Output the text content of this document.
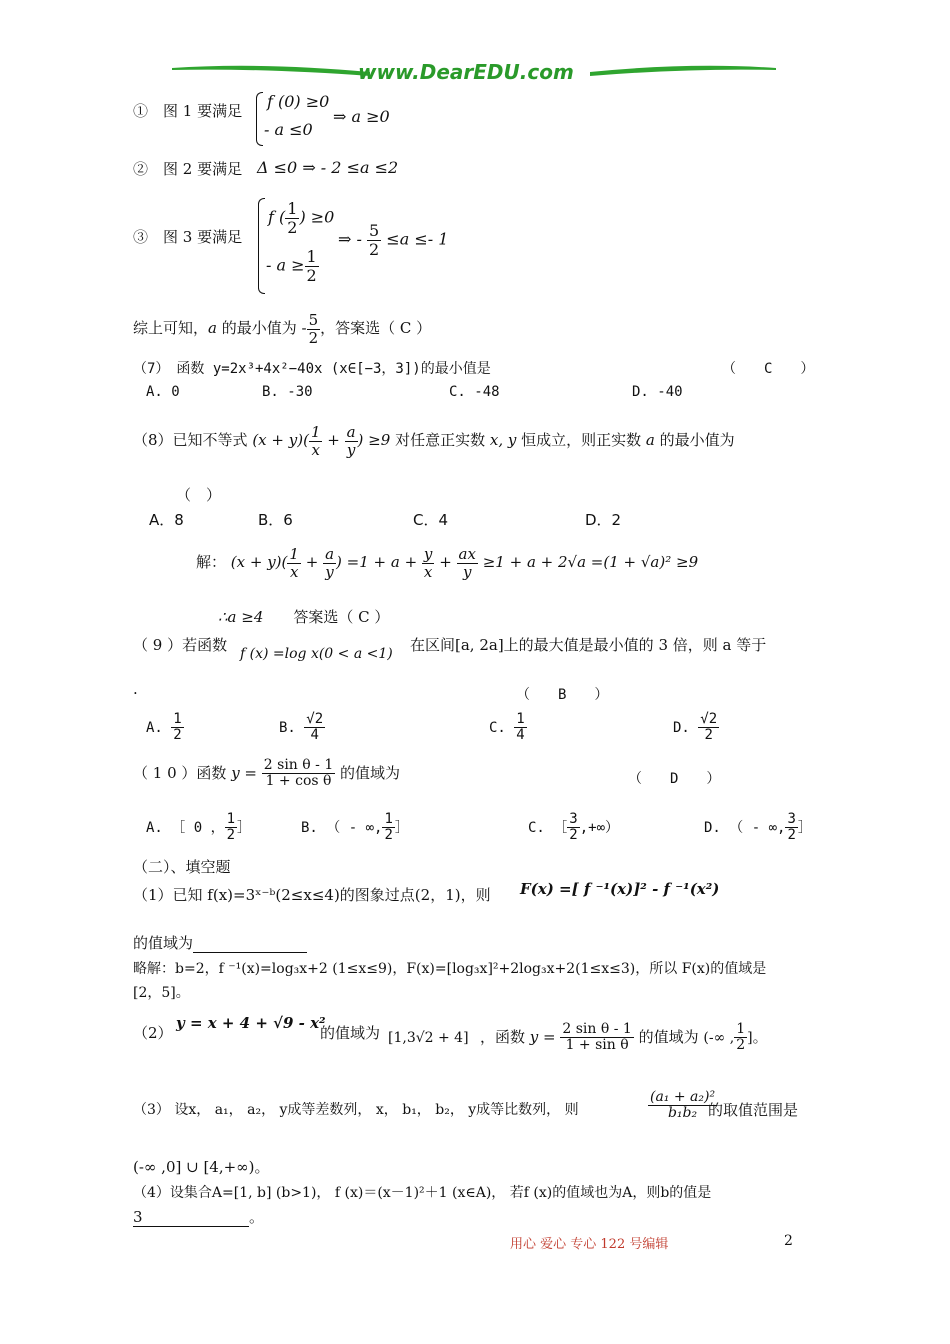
www.DearEDU.com
①　图 1 要满足 f (0) ≥0
- a ≤0
⇒ a ≥0
②　图 2 要满足 Δ ≤0 ⇒ - 2 ≤a ≤2
③　图 3 要满足
f ( $\frac{1}{2}$ ) ≥0
- $a \ge \frac{1}{2}$
⇒ - $\frac{5}{2} \le a \le- 1$
综上可知，a 的最小值为 - $\frac{5}{2}$ ，答案选（ C ）
（7）　函数 y=2x³+4x²−40x (x∈[−3，3])的最小值是	（　　C　　）
A. 0	B. -30	C. -48	D. -40
（8）已知不等式 $(x + y)( \frac{1}{x} + \frac{a}{y}$ ) ≥9 对任意正实数 x, y 恒成立，则正实数 a 的最小值为
（　）
A．8	B．6	C．4	D．2
解： $(x + y)( \frac{1}{x} + \frac{a}{y}$ ) $=1 + a + \frac{y}{x} + \frac{ax}{y} \ge 1 + a + 2√a =(1 + √a)^2 \ge 9$
∴a ≥4　　 答案选（ C ）
（ 9 ）若函数 f (x) =log x(0 < a <1) 在区间[a, 2a]上的最大值是最小值的 3 倍，则 a 等于
.	（　　B　　）
A. $\frac{1}{2}$	B. $\frac{√2}{4}$	C. $\frac{1}{4}$	D. $\frac{√2}{2}$
（ 1 0 ）函数 $y = \frac{\text{2 sin θ - 1}}{\text{1 + cos θ}}$ 的值域为	（　　D　　）
A. ［ 0 ， $\frac{1}{2}$ ］	B. （ - ∞, $\frac{1}{2}$ ］	C. ［ $\frac{3}{2}$ ,+∞）	D. （ - ∞, $\frac{3}{2}$ ］
（二）、填空题
（1）已知 f(x)=3ˣ⁻ᵇ(2≤x≤4)的图象过点(2，1)，则 F(x) =[ f ⁻¹(x)]² - f ⁻¹(x²)
的值域为
略解：b=2，f ⁻¹(x)=log₃x+2 (1≤x≤9)，F(x)=[log₃x]²+2log₃x+2(1≤x≤3)，所以 F(x)的值域是
[2，5]。
（2）
y = x + 4 + √9 - x²
的值域为 [1,3√2 + 4] ，函数 $y = \frac{\text{2 sin θ - 1}}{\text{1 + sin θ}}$ 的值域为 (-∞ , $\frac{1}{2}$ ]。
（3） 设x， a₁， a₂， y成等差数列， x， b₁， b₂， y成等比数列， 则	$\frac{\text{(a₁ + a₂)²}}{\text{b₁b₂}}$
的取值范围是
(-∞ ,0] ∪ [4,+∞)。
（4）设集合A=[1, b] (b>1)， f (x)＝(x－1)²＋1 (x∈A)， 若f (x)的值域也为A，则b的值是
3	。
用心 爱心 专心 122 号编辑	2
